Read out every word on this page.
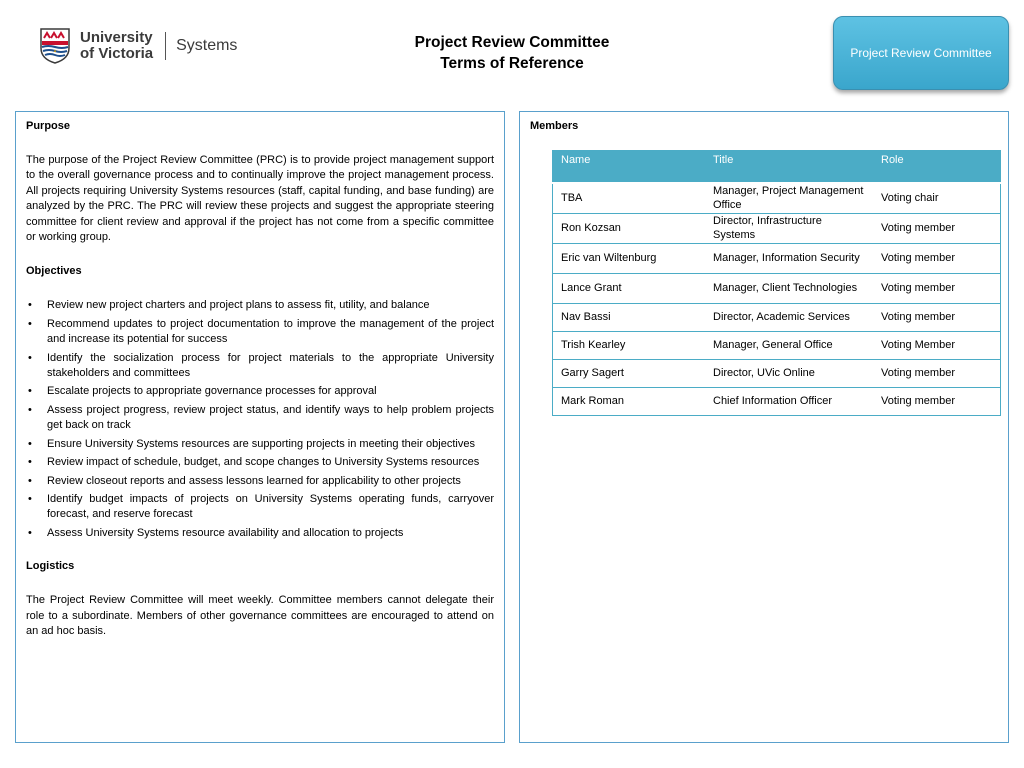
University
of Victoria Systems	Project Review Committee
Terms of Reference
Project Review Committee

Purpose

The purpose of the Project Review Committee (PRC) is to provide project management support to the overall governance process and to continually improve the project management process. All projects requiring University Systems resources (staff, capital funding, and base funding) are analyzed by the PRC. The PRC will review these projects and suggest the appropriate steering committee for client review and approval if the project has not come from a specific committee or working group.

Objectives

• Review new project charters and project plans to assess fit, utility, and balance
• Recommend updates to project documentation to improve the management of the project and increase its potential for success
• Identify the socialization process for project materials to the appropriate University stakeholders and committees
• Escalate projects to appropriate governance processes for approval
• Assess project progress, review project status, and identify ways to help problem projects get back on track
• Ensure University Systems resources are supporting projects in meeting their objectives
• Review impact of schedule, budget, and scope changes to University Systems resources
• Review closeout reports and assess lessons learned for applicability to other projects
• Identify budget impacts of projects on University Systems operating funds, carryover forecast, and reserve forecast
• Assess University Systems resource availability and allocation to projects

Logistics

The Project Review Committee will meet weekly. Committee members cannot delegate their role to a subordinate. Members of other governance committees are encouraged to attend on an ad hoc basis.

Members

Name	Title	Role
TBA	Manager, Project Management Office	Voting chair
Ron Kozsan	Director, Infrastructure Systems	Voting member
Eric van Wiltenburg	Manager, Information Security	Voting member
Lance Grant	Manager, Client Technologies	Voting member
Nav Bassi	Director, Academic Services	Voting member
Trish Kearley	Manager, General Office	Voting Member
Garry Sagert	Director, UVic Online	Voting member
Mark Roman	Chief Information Officer	Voting member
